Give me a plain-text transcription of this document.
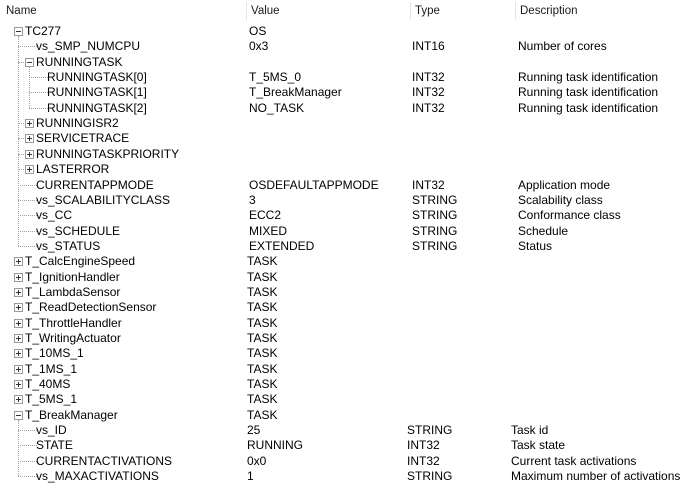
Name	Value	Type	Description
TC277	OS
vs_SMP_NUMCPU	0x3	INT16	Number of cores
RUNNINGTASK
RUNNINGTASK[0]	T_5MS_0	INT32	Running task identification
RUNNINGTASK[1]	T_BreakManager	INT32	Running task identification
RUNNINGTASK[2]	NO_TASK	INT32	Running task identification
RUNNINGISR2
SERVICETRACE
RUNNINGTASKPRIORITY
LASTERROR
CURRENTAPPMODE	OSDEFAULTAPPMODE	INT32	Application mode
vs_SCALABILITYCLASS	3	STRING	Scalability class
vs_CC	ECC2	STRING	Conformance class
vs_SCHEDULE	MIXED	STRING	Schedule
vs_STATUS	EXTENDED	STRING	Status
T_CalcEngineSpeed	TASK
T_IgnitionHandler	TASK
T_LambdaSensor	TASK
T_ReadDetectionSensor	TASK
T_ThrottleHandler	TASK
T_WritingActuator	TASK
T_10MS_1	TASK
T_1MS_1	TASK
T_40MS	TASK
T_5MS_1	TASK
T_BreakManager	TASK
vs_ID	25	STRING	Task id
STATE	RUNNING	INT32	Task state
CURRENTACTIVATIONS	0x0	INT32	Current task activations
vs_MAXACTIVATIONS	1	STRING	Maximum number of activations
